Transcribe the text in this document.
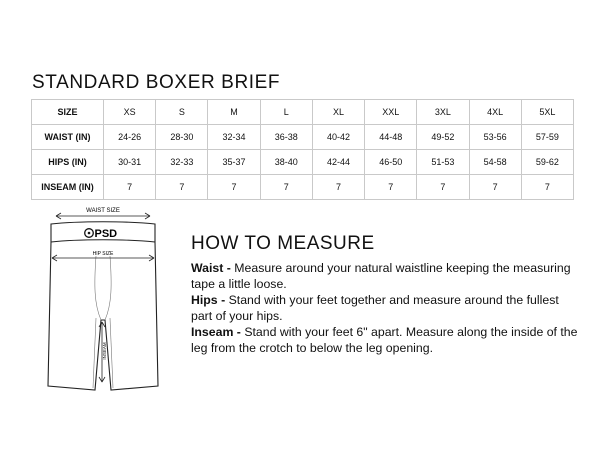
STANDARD BOXER BRIEF
SIZE	XS	S	M	L	XL	XXL	3XL	4XL	5XL
WAIST (IN)	24-26	28-30	32-34	36-38	40-42	44-48	49-52	53-56	57-59
HIPS (IN)	30-31	32-33	35-37	38-40	42-44	46-50	51-53	54-58	59-62
INSEAM (IN)	7	7	7	7	7	7	7	7	7
WAIST SIZE
PSD
HIP SIZE
INSEAM
HOW TO MEASURE

Waist - Measure around your natural waistline keeping the measuring tape a little loose.

Hips - Stand with your feet together and measure around the fullest part of your hips.

Inseam - Stand with your feet 6" apart. Measure along the inside of the leg from the crotch to below the leg opening.
